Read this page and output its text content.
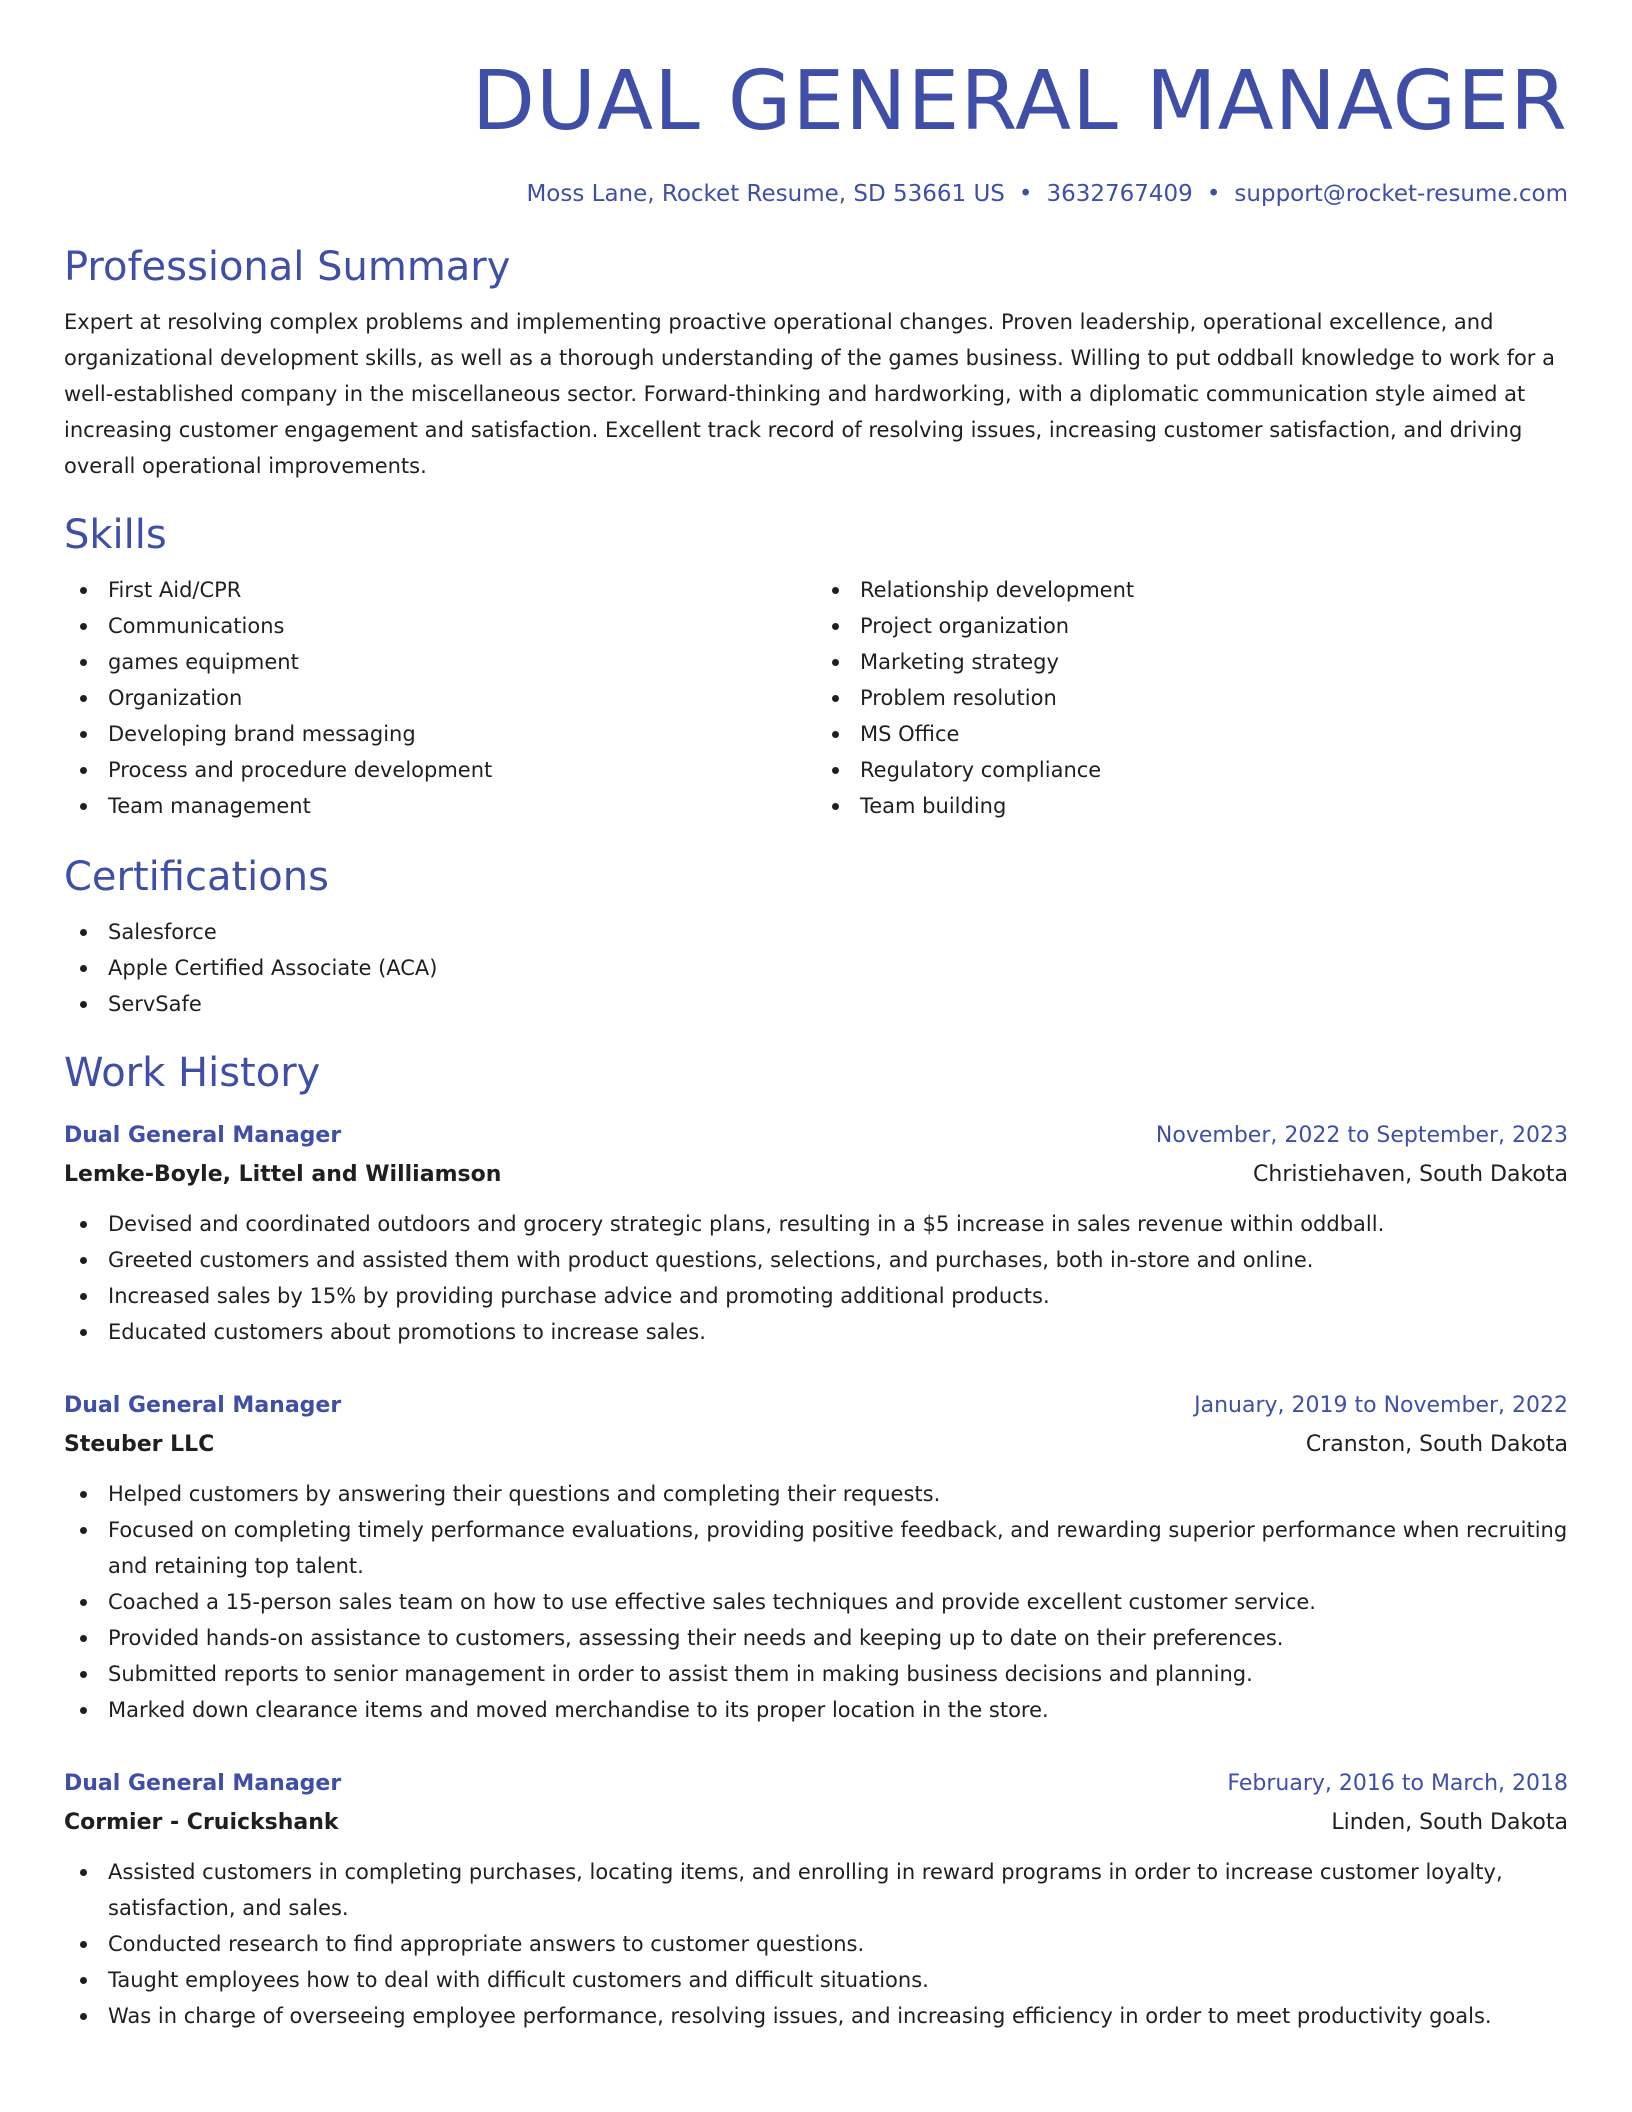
DUAL GENERAL MANAGER
Moss Lane, Rocket Resume, SD 53661 US • 3632767409 • support@rocket-resume.com
Professional Summary
Expert at resolving complex problems and implementing proactive operational changes. Proven leadership, operational excellence, and organizational development skills, as well as a thorough understanding of the games business. Willing to put oddball knowledge to work for a well-established company in the miscellaneous sector. Forward-thinking and hardworking, with a diplomatic communication style aimed at increasing customer engagement and satisfaction. Excellent track record of resolving issues, increasing customer satisfaction, and driving overall operational improvements.
Skills
First Aid/CPR
Communications
games equipment
Organization
Developing brand messaging
Process and procedure development
Team management
Relationship development
Project organization
Marketing strategy
Problem resolution
MS Office
Regulatory compliance
Team building
Certifications
Salesforce
Apple Certified Associate (ACA)
ServSafe
Work History
Dual General Manager	November, 2022 to September, 2023
Lemke-Boyle, Littel and Williamson	Christiehaven, South Dakota
Devised and coordinated outdoors and grocery strategic plans, resulting in a $5 increase in sales revenue within oddball.
Greeted customers and assisted them with product questions, selections, and purchases, both in-store and online.
Increased sales by 15% by providing purchase advice and promoting additional products.
Educated customers about promotions to increase sales.
Dual General Manager	January, 2019 to November, 2022
Steuber LLC	Cranston, South Dakota
Helped customers by answering their questions and completing their requests.
Focused on completing timely performance evaluations, providing positive feedback, and rewarding superior performance when recruiting and retaining top talent.
Coached a 15-person sales team on how to use effective sales techniques and provide excellent customer service.
Provided hands-on assistance to customers, assessing their needs and keeping up to date on their preferences.
Submitted reports to senior management in order to assist them in making business decisions and planning.
Marked down clearance items and moved merchandise to its proper location in the store.
Dual General Manager	February, 2016 to March, 2018
Cormier - Cruickshank	Linden, South Dakota
Assisted customers in completing purchases, locating items, and enrolling in reward programs in order to increase customer loyalty, satisfaction, and sales.
Conducted research to find appropriate answers to customer questions.
Taught employees how to deal with difficult customers and difficult situations.
Was in charge of overseeing employee performance, resolving issues, and increasing efficiency in order to meet productivity goals.
